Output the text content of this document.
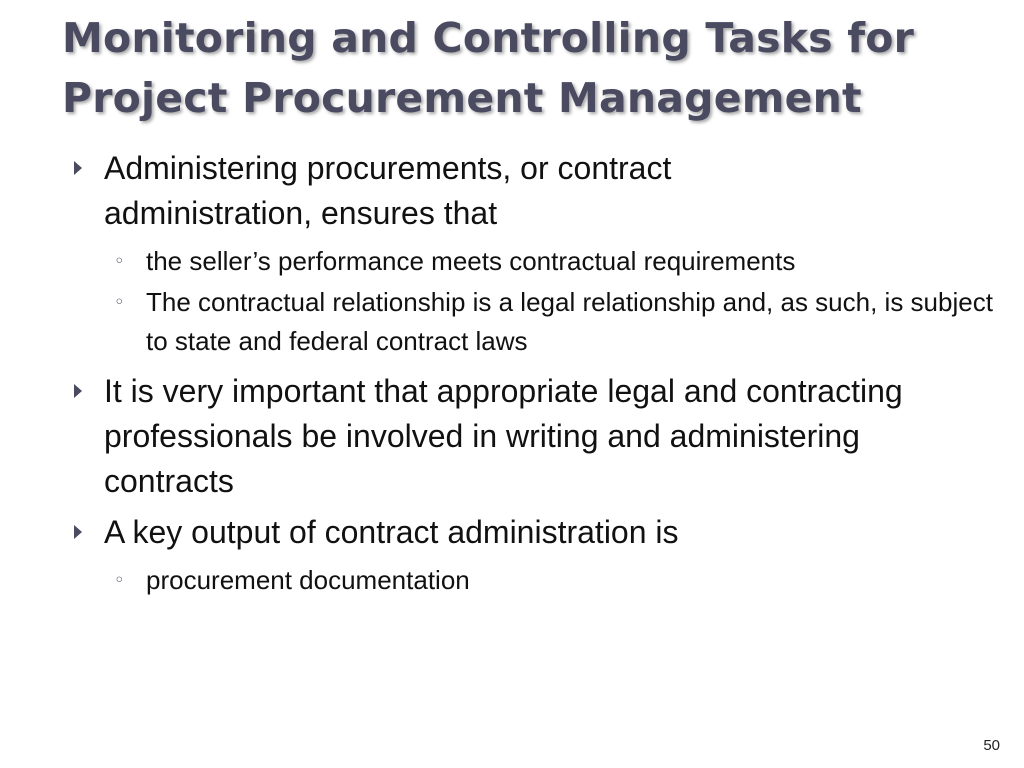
Monitoring and Controlling Tasks for
Project Procurement Management
Administering procurements, or contract administration, ensures that
◦ the seller’s performance meets contractual requirements
◦ The contractual relationship is a legal relationship and, as such, is subject to state and federal contract laws
It is very important that appropriate legal and contracting professionals be involved in writing and administering contracts
A key output of contract administration is
◦ procurement documentation
50
